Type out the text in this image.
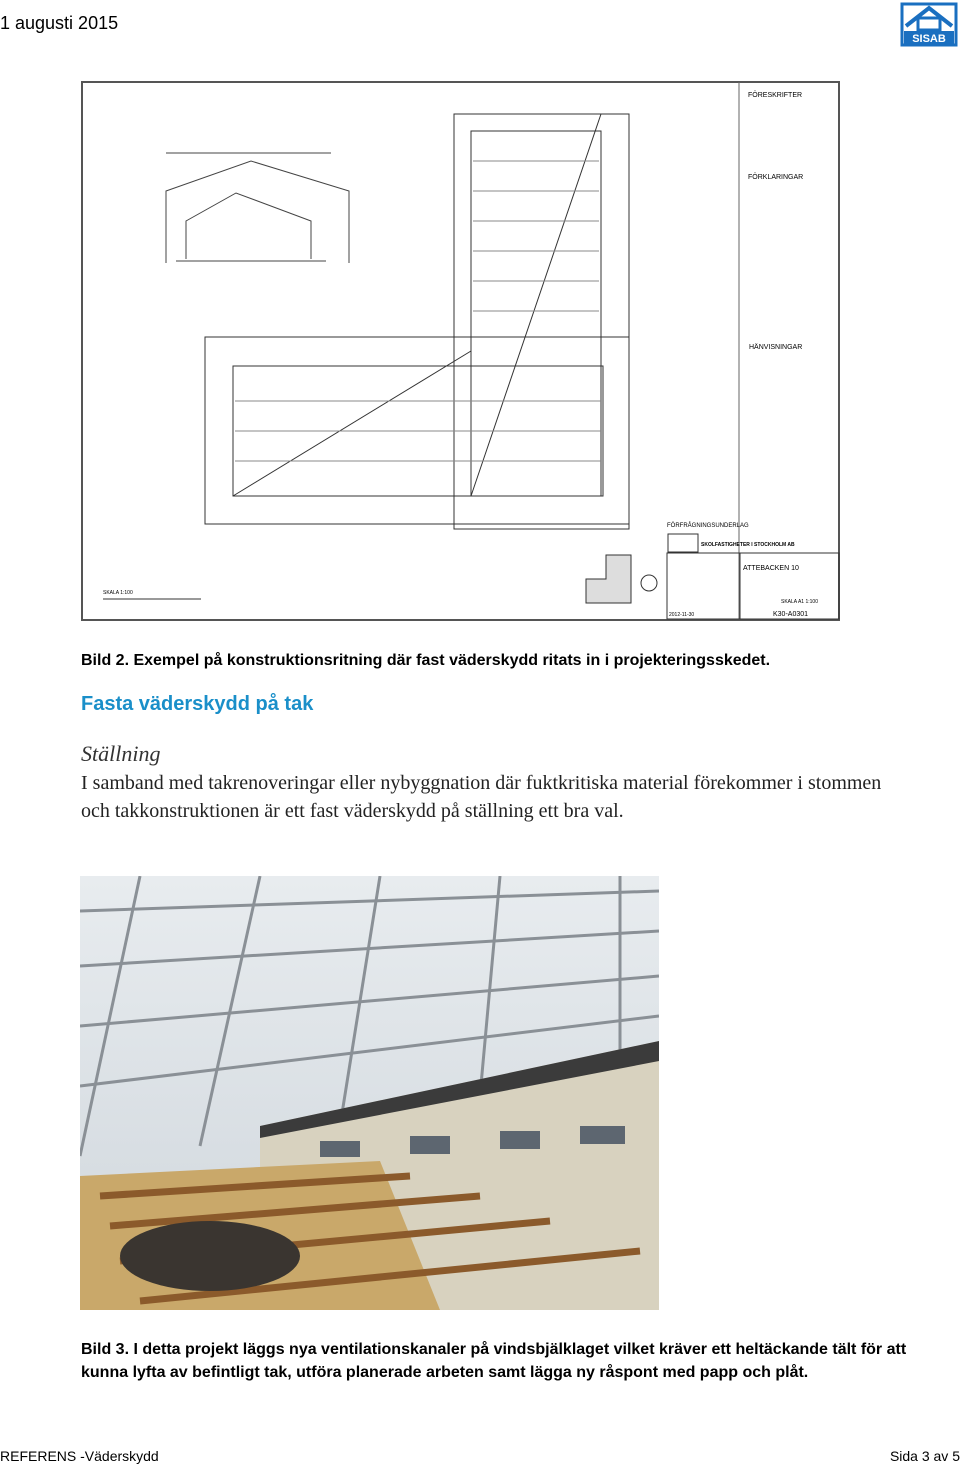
1 augusti 2015
SISAB
FÖRESKRIFTER
FÖRKLARINGAR
HÄNVISNINGAR
FÖRFRÅGNINGSUNDERLAG
SKOLFASTIGHETER I STOCKHOLM AB
ATTEBACKEN 10
SKALA A1 1:100
2012-11-30	K30-A0301
SKALA 1:100
Bild 2. Exempel på konstruktionsritning där fast väderskydd ritats in i projekteringsskedet.
Fasta väderskydd på tak
Ställning
I samband med takrenoveringar eller nybyggnation där fuktkritiska material förekommer i stommen och takkonstruktionen är ett fast väderskydd på ställning ett bra val.
Bild 3. I detta projekt läggs nya ventilationskanaler på vindsbjälklaget vilket kräver ett heltäckande tält för att kunna lyfta av befintligt tak, utföra planerade arbeten samt lägga ny råspont med papp och plåt.
REFERENS -Väderskydd	Sida 3 av 5
